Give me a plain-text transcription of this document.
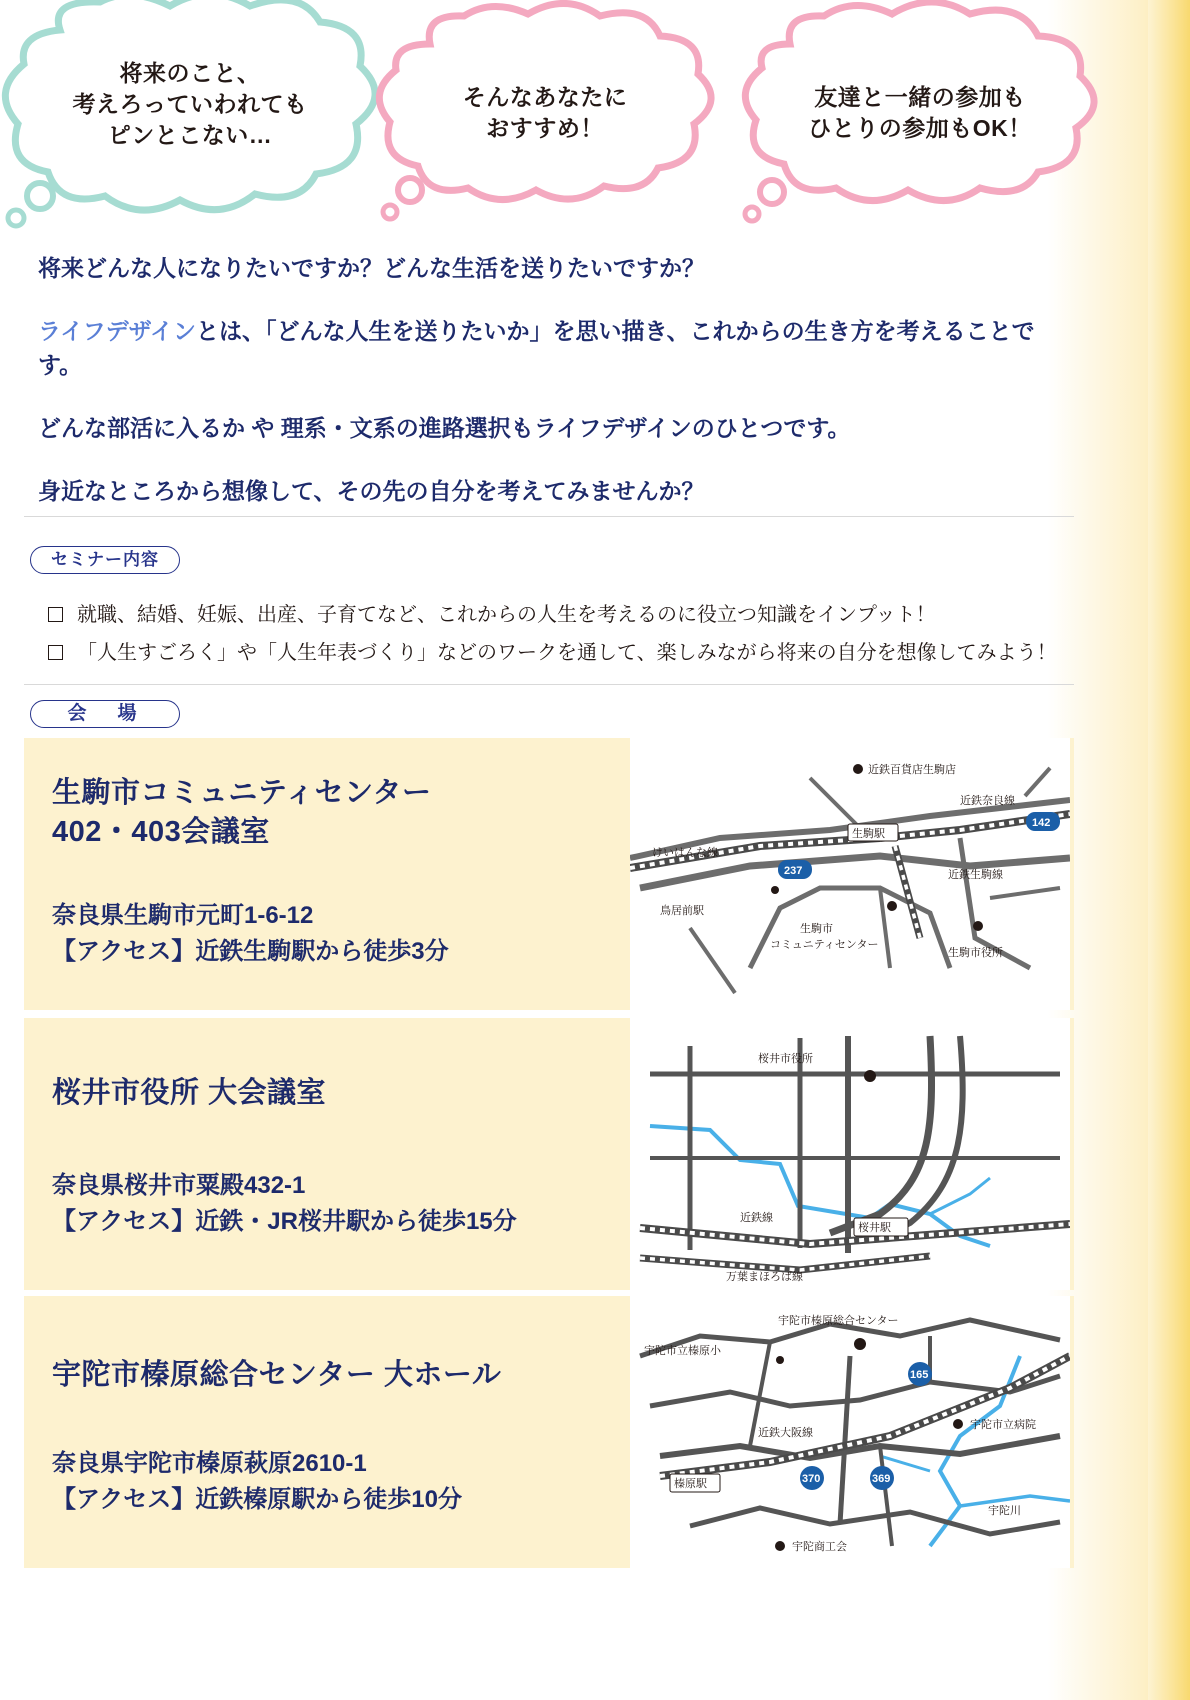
将来のこと、
考えろっていわれても
ピンとこない…
そんなあなたに
おすすめ！
友達と一緒の参加も
ひとりの参加もOK！

将来どんな人になりたいですか？どんな生活を送りたいですか？

ライフデザインとは、「どんな人生を送りたいか」を思い描き、これからの生き方を考えることです。

どんな部活に入るか や 理系・文系の進路選択もライフデザインのひとつです。

身近なところから想像して、その先の自分を考えてみませんか？

セミナー内容
就職、結婚、妊娠、出産、子育てなど、これからの人生を考えるのに役立つ知識をインプット！
「人生すごろく」や「人生年表づくり」などのワークを通して、楽しみながら将来の自分を想像してみよう！
会　場
生駒市コミュニティセンター
402・403会議室
奈良県生駒市元町1-6-12
【アクセス】近鉄生駒駅から徒歩3分
生駒駅
近鉄百貨店生駒店
近鉄奈良線
けいはんな線
近鉄生駒線
鳥居前駅
生駒市
コミュニティセンター
生駒市役所
237
142
桜井市役所 大会議室
奈良県桜井市粟殿432-1
【アクセス】近鉄・JR桜井駅から徒歩15分
桜井市役所
近鉄線
万葉まほろば線
桜井駅
宇陀市榛原総合センター 大ホール
奈良県宇陀市榛原萩原2610-1
【アクセス】近鉄榛原駅から徒歩10分
宇陀市榛原総合センター
宇陀市立榛原小
宇陀市立病院
近鉄大阪線
榛原駅
宇陀川
宇陀商工会
165
370	369
